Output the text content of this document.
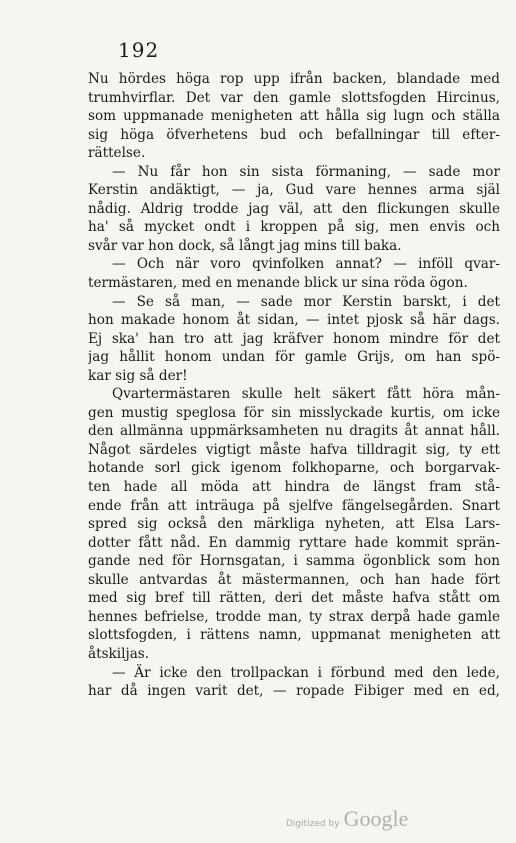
192
Nu hördes höga rop upp ifrån backen, blandade med
trumhvirflar. Det var den gamle slottsfogden Hircinus,
som uppmanade menigheten att hålla sig lugn och ställa
sig höga öfverhetens bud och befallningar till efter-
rättelse.
— Nu får hon sin sista förmaning, — sade mor
Kerstin andäktigt, — ja, Gud vare hennes arma själ
nådig. Aldrig trodde jag väl, att den flickungen skulle
ha' så mycket ondt i kroppen på sig, men envis och
svår var hon dock, så långt jag mins till baka.
— Och när voro qvinfolken annat? — inföll qvar-
termästaren, med en menande blick ur sina röda ögon.
— Se så man, — sade mor Kerstin barskt, i det
hon makade honom åt sidan, — intet pjosk så här dags.
Ej ska' han tro att jag kräfver honom mindre för det
jag hållit honom undan för gamle Grijs, om han spö-
kar sig så der!
Qvartermästaren skulle helt säkert fått höra mån-
gen mustig speglosa för sin misslyckade kurtis, om icke
den allmänna uppmärksamheten nu dragits åt annat håll.
Något särdeles vigtigt måste hafva tilldragit sig, ty ett
hotande sorl gick igenom folkhoparne, och borgarvak-
ten hade all möda att hindra de längst fram stå-
ende från att inträuga på sjelfve fängelsegården. Snart
spred sig också den märkliga nyheten, att Elsa Lars-
dotter fått nåd. En dammig ryttare hade kommit sprän-
gande ned för Hornsgatan, i samma ögonblick som hon
skulle antvardas åt mästermannen, och han hade fört
med sig bref till rätten, deri det måste hafva stått om
hennes befrielse, trodde man, ty strax derpå hade gamle
slottsfogden, i rättens namn, uppmanat menigheten att
åtskiljas.
— Är icke den trollpackan i förbund med den lede,
har då ingen varit det, — ropade Fibiger med en ed,
Digitized by Google
